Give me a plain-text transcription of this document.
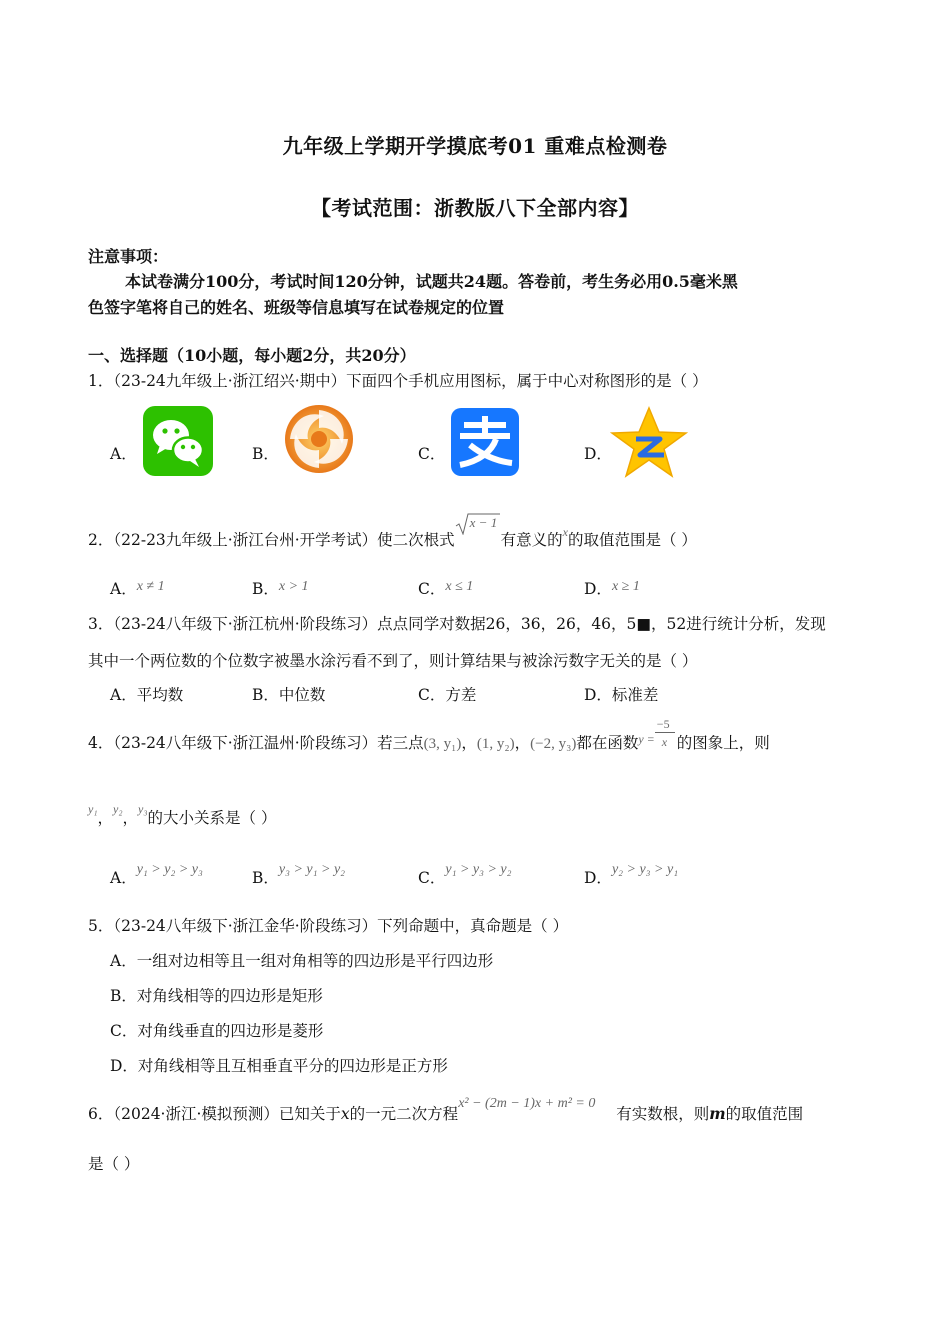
九年级上学期开学摸底考01 重难点检测卷
【考试范围：浙教版八下全部内容】
注意事项：
本试卷满分100分，考试时间120分钟，试题共24题。答卷前，考生务必用0.5毫米黑
色签字笔将自己的姓名、班级等信息填写在试卷规定的位置
一、选择题（10小题，每小题2分，共20分）
1．（23-24九年级上·浙江绍兴·期中）下面四个手机应用图标，属于中心对称图形的是（ ）
A．	B．	C．	D．
2．（22-23九年级上·浙江台州·开学考试）使二次根式
x − 1
有意义的$^x$的取值范围是（ ）
A．x ≠ 1	B．x > 1	C．x ≤ 1	D．x ≥ 1
3．（23-24八年级下·浙江杭州·阶段练习）点点同学对数据26，36，26，46，5■，52进行统计分析，发现
其中一个两位数的个位数字被墨水涂污看不到了，则计算结果与被涂污数字无关的是（ ）
A．平均数	B．中位数	C．方差	D．标准差
4．（23-24八年级下·浙江温州·阶段练习）若三点(3, y₁)，(1, y₂)，(−2, y₃)都在函数$^{y =} \frac{-5}{x}$ 的图象上，则
$^{y_1}$，$^{y_2}$，$^{y_3}$的大小关系是（ ）
A．y₁ > y₂ > y₃	B．y₃ > y₁ > y₂	C．y₁ > y₃ > y₂	D．y₂ > y₃ > y₁
5．（23-24八年级下·浙江金华·阶段练习）下列命题中，真命题是（ ）
A．一组对边相等且一组对角相等的四边形是平行四边形
B．对角线相等的四边形是矩形
C．对角线垂直的四边形是菱形
D．对角线相等且互相垂直平分的四边形是正方形
6．（2024·浙江·模拟预测）已知关于x的一元二次方程x² − (2m − 1)x + m² = 0有实数根，则m的取值范围
是（ ）
